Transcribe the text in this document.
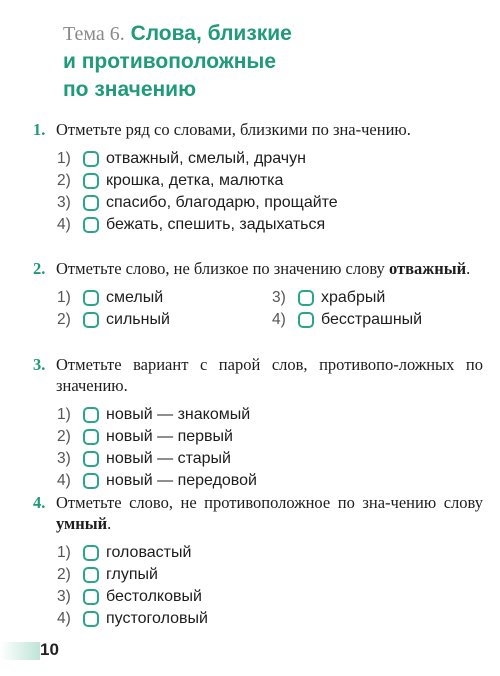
Тема 6. Слова, близкие
и противоположные
по значению
1. Отметьте ряд со словами, близкими по зна-чению.
1)	отважный, смелый, драчун
2)	крошка, детка, малютка
3)	спасибо, благодарю, прощайте
4)	бежать, спешить, задыхаться
2. Отметьте слово, не близкое по значению слову отважный.
1)	смелый	3)	храбрый
2)	сильный	4)	бесстрашный
3. Отметьте вариант с парой слов, противопо-ложных по значению.
1)	новый — знакомый
2)	новый — первый
3)	новый — старый
4)	новый — передовой
4. Отметьте слово, не противоположное по зна-чению слову умный.
1)	головастый
2)	глупый
3)	бестолковый
4)	пустоголовый
10
